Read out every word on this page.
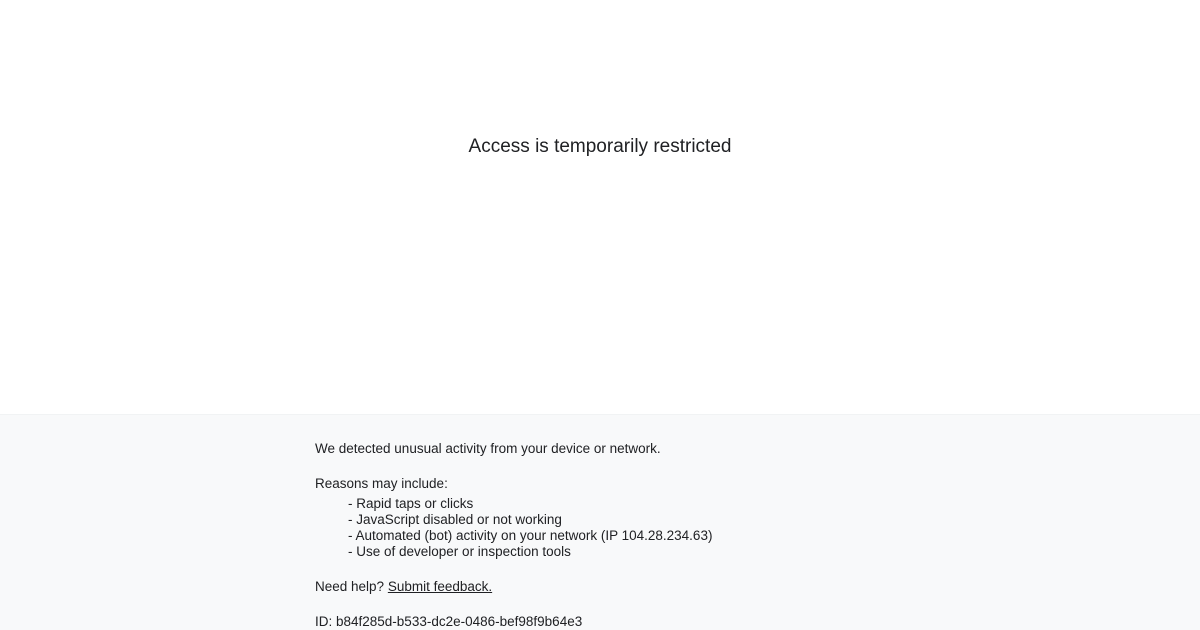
Access is temporarily restricted

We detected unusual activity from your device or network.

Reasons may include:
- Rapid taps or clicks
- JavaScript disabled or not working
- Automated (bot) activity on your network (IP 104.28.234.63)
- Use of developer or inspection tools

Need help? Submit feedback.

ID: b84f285d-b533-dc2e-0486-bef98f9b64e3
